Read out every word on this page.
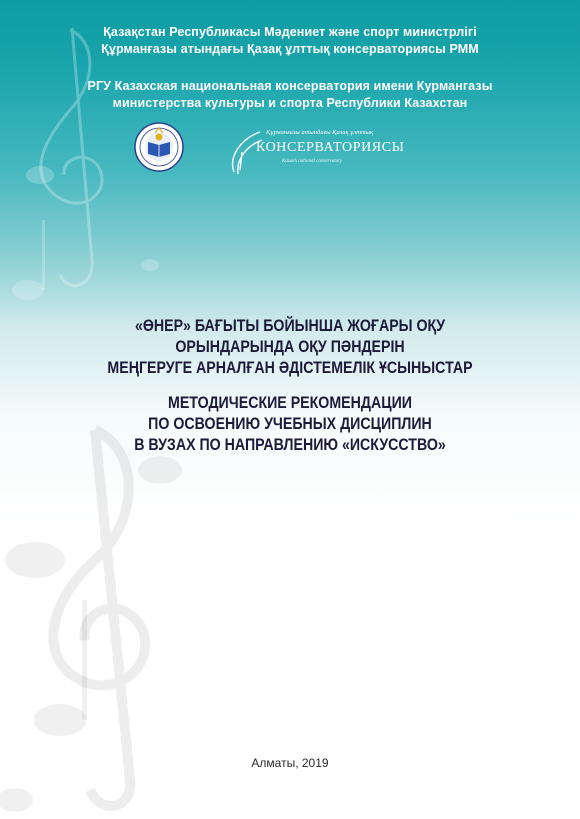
Қазақстан Республикасы Мәдениет және спорт министрлігі
Құрманғазы атындағы Қазақ ұлттық консерваториясы РММ
РГУ Казахская национальная консерватория имени Курмангазы
министерства культуры и спорта Республики Казахстан
Құрманғазы атындағы Қазақ ұлттық
КОНСЕРВАТОРИЯСЫ
Kazakh national conservatory
«ӨНЕР» БАҒЫТЫ БОЙЫНША ЖОҒАРЫ ОҚУ
ОРЫНДАРЫНДА ОҚУ ПӘНДЕРІН
МЕҢГЕРУГЕ АРНАЛҒАН ӘДІСТЕМЕЛІК ҰСЫНЫСТАР
МЕТОДИЧЕСКИЕ РЕКОМЕНДАЦИИ
ПО ОСВОЕНИЮ УЧЕБНЫХ ДИСЦИПЛИН
В ВУЗАХ ПО НАПРАВЛЕНИЮ «ИСКУССТВО»
Алматы, 2019
